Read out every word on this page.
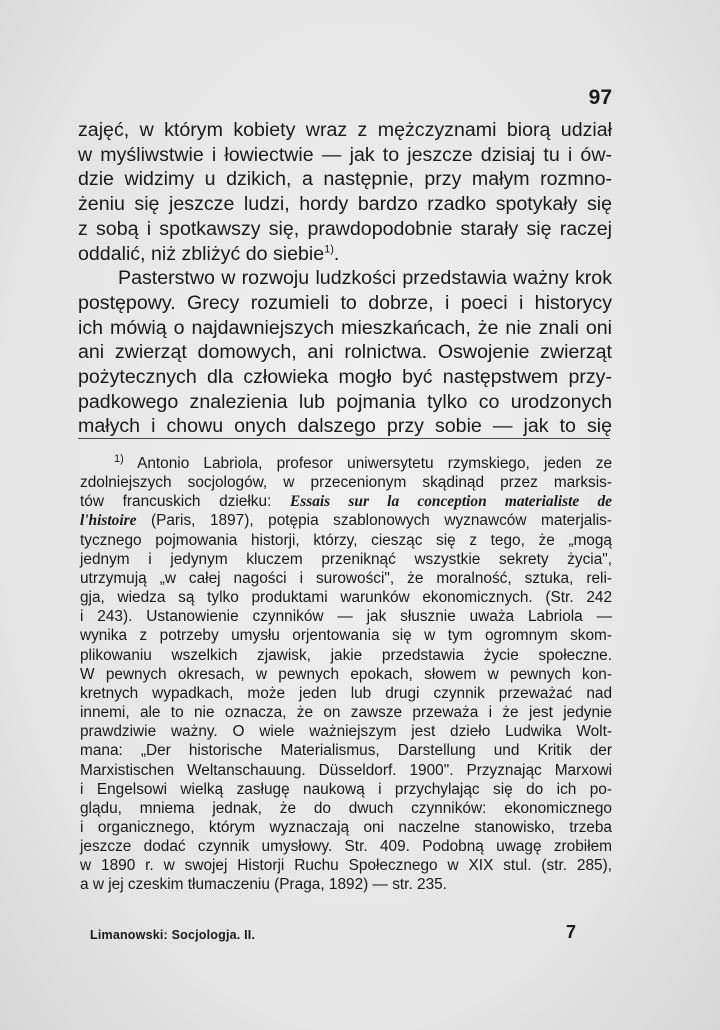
97

zajęć, w którym kobiety wraz z mężczyznami biorą udział

w myśliwstwie i łowiectwie — jak to jeszcze dzisiaj tu i ów-

dzie widzimy u dzikich, a następnie, przy małym rozmno-

żeniu się jeszcze ludzi, hordy bardzo rzadko spotykały się

z sobą i spotkawszy się, prawdopodobnie starały się raczej

oddalić, niż zbliżyć do siebie$^{1)}$.

Pasterstwo w rozwoju ludzkości przedstawia ważny krok

postępowy. Grecy rozumieli to dobrze, i poeci i historycy

ich mówią o najdawniejszych mieszkańcach, że nie znali oni

ani zwierząt domowych, ani rolnictwa. Oswojenie zwierząt

pożytecznych dla człowieka mogło być następstwem przy-

padkowego znalezienia lub pojmania tylko co urodzonych

małych i chowu onych dalszego przy sobie — jak to się

$^{1)}$ Antonio Labriola, profesor uniwersytetu rzymskiego, jeden ze

zdolniejszych socjologów, w przecenionym skądinąd przez marksis-

tów francuskich dziełku: Essais sur la conception materialiste de

l'histoire (Paris, 1897), potępia szablonowych wyznawców materjalis-

tycznego pojmowania historji, którzy, ciesząc się z tego, że „mogą

jednym i jedynym kluczem przeniknąć wszystkie sekrety życia",

utrzymują „w całej nagości i surowości", że moralność, sztuka, reli-

gja, wiedza są tylko produktami warunków ekonomicznych. (Str. 242

i 243). Ustanowienie czynników — jak słusznie uważa Labriola —

wynika z potrzeby umysłu orjentowania się w tym ogromnym skom-

plikowaniu wszelkich zjawisk, jakie przedstawia życie społeczne.

W pewnych okresach, w pewnych epokach, słowem w pewnych kon-

kretnych wypadkach, może jeden lub drugi czynnik przeważać nad

innemi, ale to nie oznacza, że on zawsze przeważa i że jest jedynie

prawdziwie ważny. O wiele ważniejszym jest dzieło Ludwika Wolt-

mana: „Der historische Materialismus, Darstellung und Kritik der

Marxistischen Weltanschauung. Düsseldorf. 1900". Przyznając Marxowi

i Engelsowi wielką zasługę naukową i przychylając się do ich po-

glądu, mniema jednak, że do dwuch czynników: ekonomicznego

i organicznego, którym wyznaczają oni naczelne stanowisko, trzeba

jeszcze dodać czynnik umysłowy. Str. 409. Podobną uwagę zrobiłem

w 1890 r. w swojej Historji Ruchu Społecznego w XIX stul. (str. 285),

a w jej czeskim tłumaczeniu (Praga, 1892) — str. 235.

Limanowski: Socjologja. II.	7
